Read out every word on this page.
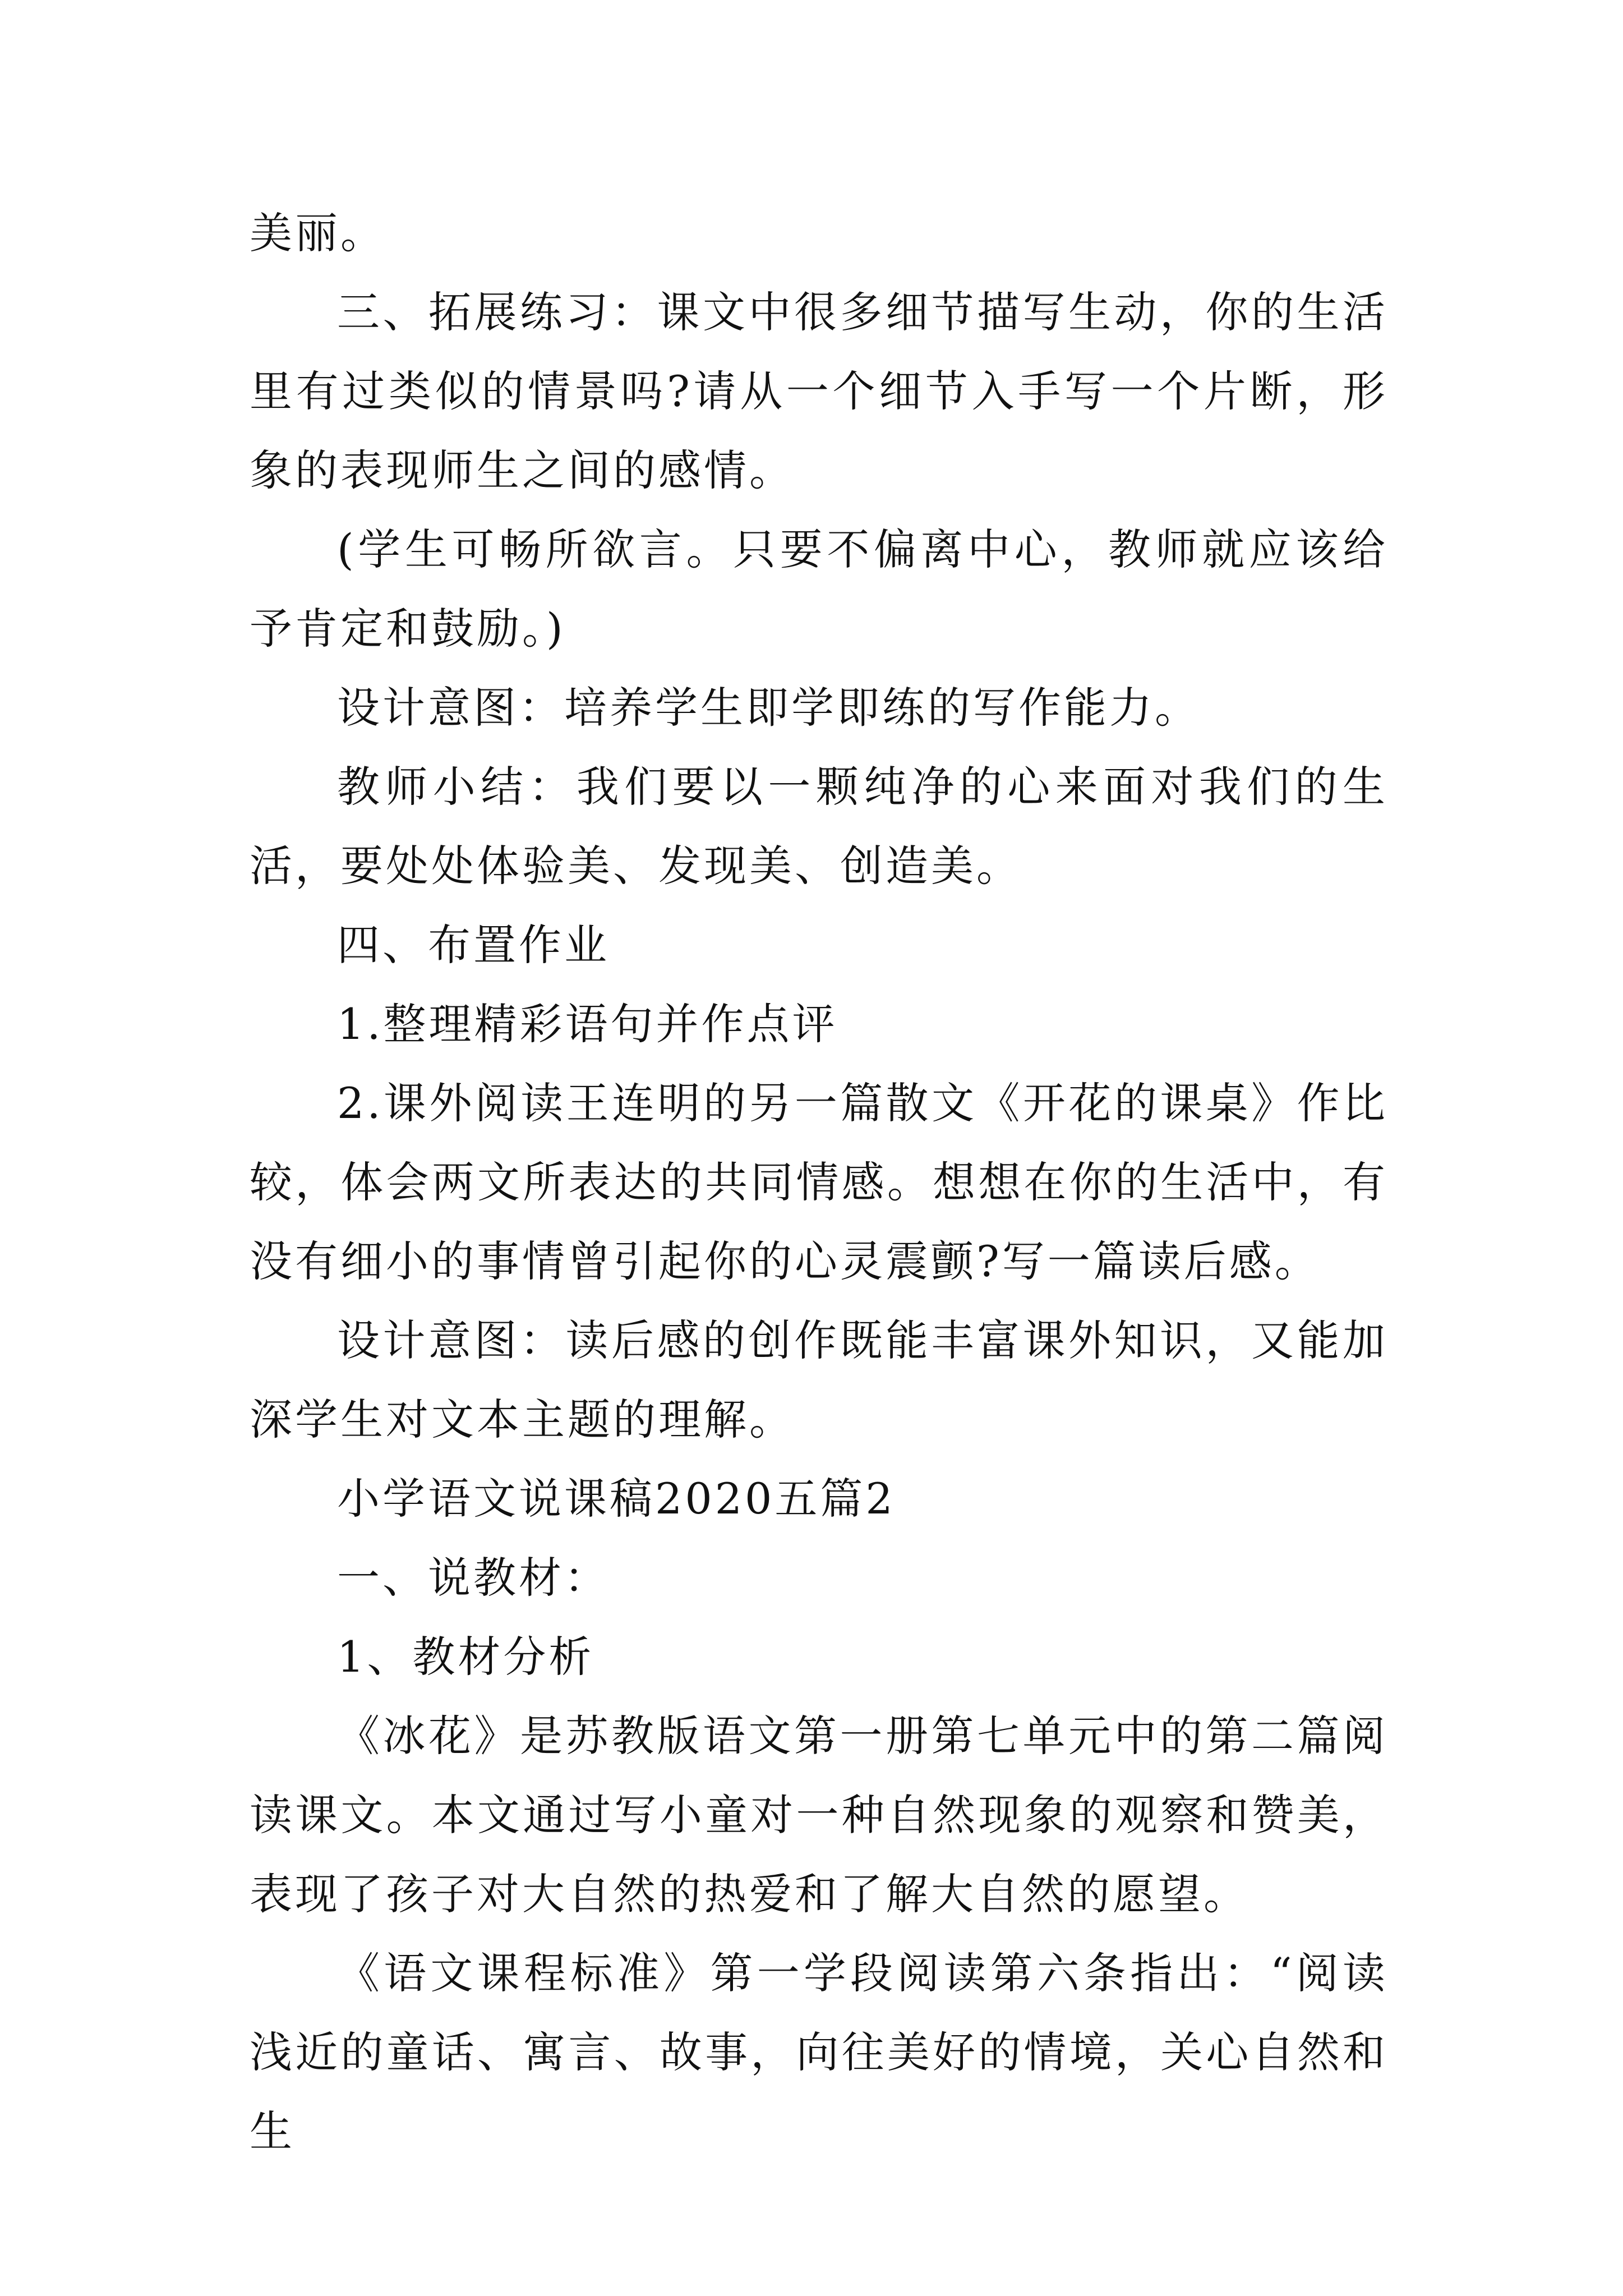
美丽。

三、拓展练习：课文中很多细节描写生动，你的生活里有过类似的情景吗?请从一个细节入手写一个片断，形象的表现师生之间的感情。

(学生可畅所欲言。只要不偏离中心，教师就应该给予肯定和鼓励。)

设计意图：培养学生即学即练的写作能力。

教师小结：我们要以一颗纯净的心来面对我们的生活，要处处体验美、发现美、创造美。

四、布置作业

1.整理精彩语句并作点评

2.课外阅读王连明的另一篇散文《开花的课桌》作比较，体会两文所表达的共同情感。想想在你的生活中，有没有细小的事情曾引起你的心灵震颤?写一篇读后感。

设计意图：读后感的创作既能丰富课外知识，又能加深学生对文本主题的理解。

小学语文说课稿2020五篇2

一、说教材：

1、教材分析

《冰花》是苏教版语文第一册第七单元中的第二篇阅读课文。本文通过写小童对一种自然现象的观察和赞美，表现了孩子对大自然的热爱和了解大自然的愿望。

《语文课程标准》第一学段阅读第六条指出：“阅读浅近的童话、寓言、故事，向往美好的情境，关心自然和生
